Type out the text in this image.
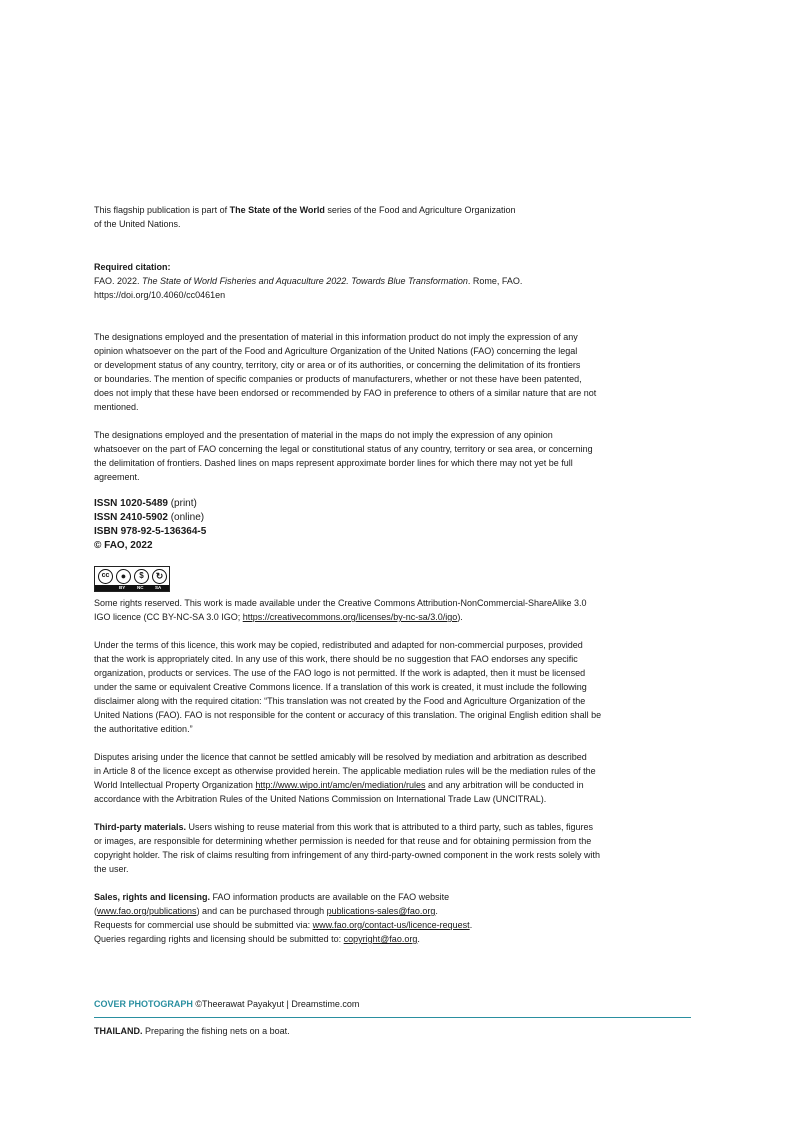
This flagship publication is part of The State of the World series of the Food and Agriculture Organization

of the United Nations.

Required citation:

FAO. 2022. The State of World Fisheries and Aquaculture 2022. Towards Blue Transformation. Rome, FAO.

https://doi.org/10.4060/cc0461en

The designations employed and the presentation of material in this information product do not imply the expression of any

opinion whatsoever on the part of the Food and Agriculture Organization of the United Nations (FAO) concerning the legal

or development status of any country, territory, city or area or of its authorities, or concerning the delimitation of its frontiers

or boundaries. The mention of specific companies or products of manufacturers, whether or not these have been patented,

does not imply that these have been endorsed or recommended by FAO in preference to others of a similar nature that are not

mentioned.

The designations employed and the presentation of material in the maps do not imply the expression of any opinion

whatsoever on the part of FAO concerning the legal or constitutional status of any country, territory or sea area, or concerning

the delimitation of frontiers. Dashed lines on maps represent approximate border lines for which there may not yet be full

agreement.

ISSN 1020-5489 (print)

ISSN 2410-5902 (online)

ISBN 978-92-5-136364-5

© FAO, 2022

cc	●	$	↻
BY	NC	SA

Some rights reserved. This work is made available under the Creative Commons Attribution-NonCommercial-ShareAlike 3.0

IGO licence (CC BY-NC-SA 3.0 IGO; https://creativecommons.org/licenses/by-nc-sa/3.0/igo).

Under the terms of this licence, this work may be copied, redistributed and adapted for non-commercial purposes, provided

that the work is appropriately cited. In any use of this work, there should be no suggestion that FAO endorses any specific

organization, products or services. The use of the FAO logo is not permitted. If the work is adapted, then it must be licensed

under the same or equivalent Creative Commons licence. If a translation of this work is created, it must include the following

disclaimer along with the required citation: “This translation was not created by the Food and Agriculture Organization of the

United Nations (FAO). FAO is not responsible for the content or accuracy of this translation. The original English edition shall be

the authoritative edition.”

Disputes arising under the licence that cannot be settled amicably will be resolved by mediation and arbitration as described

in Article 8 of the licence except as otherwise provided herein. The applicable mediation rules will be the mediation rules of the

World Intellectual Property Organization http://www.wipo.int/amc/en/mediation/rules and any arbitration will be conducted in

accordance with the Arbitration Rules of the United Nations Commission on International Trade Law (UNCITRAL).

Third-party materials. Users wishing to reuse material from this work that is attributed to a third party, such as tables, figures

or images, are responsible for determining whether permission is needed for that reuse and for obtaining permission from the

copyright holder. The risk of claims resulting from infringement of any third-party-owned component in the work rests solely with

the user.

Sales, rights and licensing. FAO information products are available on the FAO website

(www.fao.org/publications) and can be purchased through publications-sales@fao.org.

Requests for commercial use should be submitted via: www.fao.org/contact-us/licence-request.

Queries regarding rights and licensing should be submitted to: copyright@fao.org.

COVER PHOTOGRAPH ©Theerawat Payakyut | Dreamstime.com
THAILAND. Preparing the fishing nets on a boat.
